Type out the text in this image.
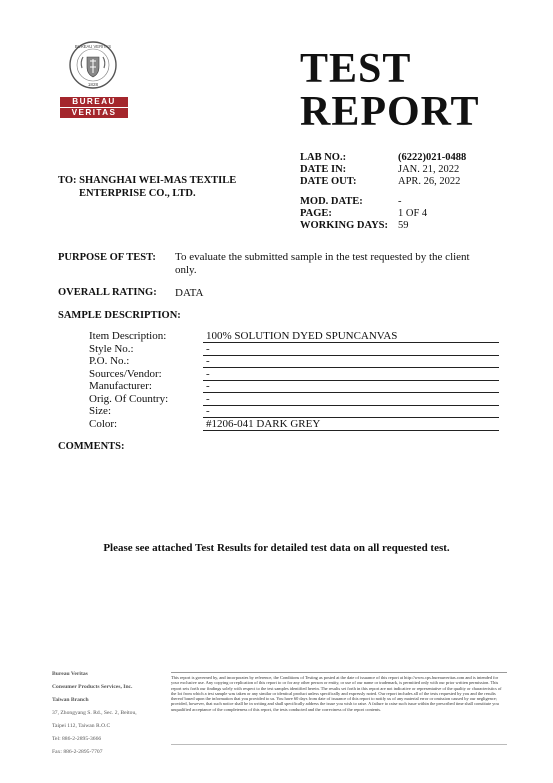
BUREAU VERITAS
1828
BUREAU
VERITAS
TEST
REPORT
LAB NO.:	(6222)021-0488
DATE IN:	JAN. 21, 2022
DATE OUT:	APR. 26, 2022
MOD. DATE:	-
PAGE:	1 OF 4
WORKING DAYS: 59
TO: SHANGHAI WEI-MAS TEXTILE
ENTERPRISE CO., LTD.
PURPOSE OF TEST: To evaluate the submitted sample in the test requested by the client
only.
OVERALL RATING: DATA
SAMPLE DESCRIPTION:
Item Description:	100% SOLUTION DYED SPUNCANVAS
Style No.:	-
P.O. No.:	-
Sources/Vendor:	-
Manufacturer:	-
Orig. Of Country:	-
Size:	-
Color:	#1206-041 DARK GREY
COMMENTS:
Please see attached Test Results for detailed test data on all requested test.
Bureau Veritas
Consumer Products Services, Inc.
Taiwan Branch
37, Zhongyang S. Rd., Sec. 2, Beitou,
Taipei 112, Taiwan R.O.C
Tel: 886-2-2895-3666
Fax: 886-2-2895-7707
This report is governed by, and incorporates by reference, the Conditions of Testing as posted at the date of issuance of this report at http://www.cps.bureauveritas.com and is intended for your exclusive use. Any copying or replication of this report to or for any other person or entity, or use of our name or trademark, is permitted only with our prior written permission. This report sets forth our findings solely with respect to the test samples identified herein. The results set forth in this report are not indicative or representative of the quality or characteristics of the lot from which a test sample was taken or any similar or identical product unless specifically and expressly noted. Our report includes all of the tests requested by you and the results thereof based upon the information that you provided to us. You have 60 days from date of issuance of this report to notify us of any material error or omission caused by our negligence; provided, however, that such notice shall be in writing and shall specifically address the issue you wish to raise. A failure to raise such issue within the prescribed time shall constitute you unqualified acceptance of the completeness of this report, the tests conducted and the correctness of the report contents.
